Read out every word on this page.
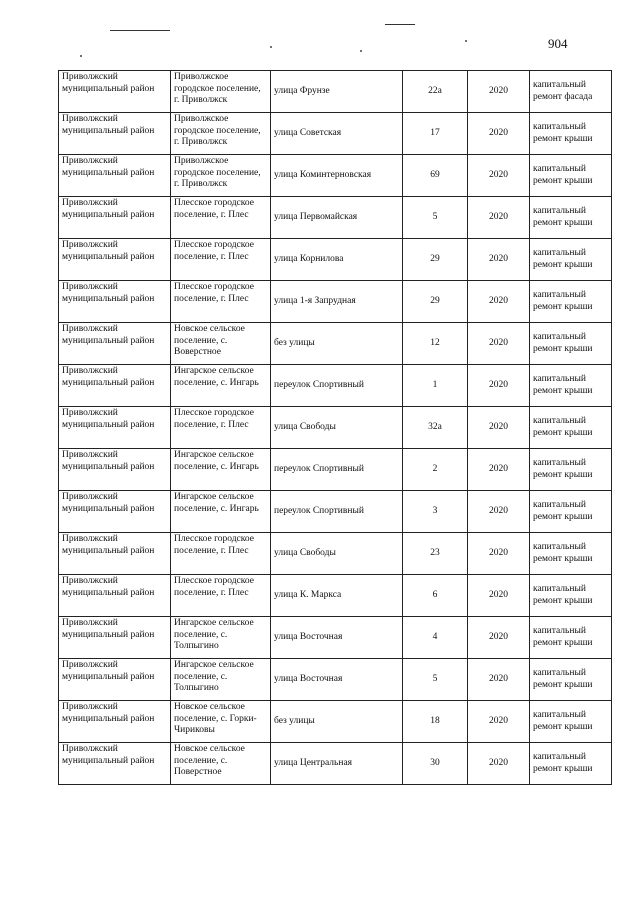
904
Приволжский муниципальный район	Приволжское городское поселение, г. Приволжск	улица Фрунзе	22а	2020	капитальный ремонт фасада
Приволжский муниципальный район	Приволжское городское поселение, г. Приволжск	улица Советская	17	2020	капитальный ремонт крыши
Приволжский муниципальный район	Приволжское городское поселение, г. Приволжск	улица Коминтерновская	69	2020	капитальный ремонт крыши
Приволжский муниципальный район	Плесское городское поселение, г. Плес	улица Первомайская	5	2020	капитальный ремонт крыши
Приволжский муниципальный район	Плесское городское поселение, г. Плес	улица Корнилова	29	2020	капитальный ремонт крыши
Приволжский муниципальный район	Плесское городское поселение, г. Плес	улица 1-я Запрудная	29	2020	капитальный ремонт крыши
Приволжский муниципальный район	Новское сельское поселение, с. Воверстное	без улицы	12	2020	капитальный ремонт крыши
Приволжский муниципальный район	Ингарское сельское поселение, с. Ингарь	переулок Спортивный	1	2020	капитальный ремонт крыши
Приволжский муниципальный район	Плесское городское поселение, г. Плес	улица Свободы	32а	2020	капитальный ремонт крыши
Приволжский муниципальный район	Ингарское сельское поселение, с. Ингарь	переулок Спортивный	2	2020	капитальный ремонт крыши
Приволжский муниципальный район	Ингарское сельское поселение, с. Ингарь	переулок Спортивный	3	2020	капитальный ремонт крыши
Приволжский муниципальный район	Плесское городское поселение, г. Плес	улица Свободы	23	2020	капитальный ремонт крыши
Приволжский муниципальный район	Плесское городское поселение, г. Плес	улица К. Маркса	6	2020	капитальный ремонт крыши
Приволжский муниципальный район	Ингарское сельское поселение, с. Толпыгино	улица Восточная	4	2020	капитальный ремонт крыши
Приволжский муниципальный район	Ингарское сельское поселение, с. Толпыгино	улица Восточная	5	2020	капитальный ремонт крыши
Приволжский муниципальный район	Новское сельское поселение, с. Горки-Чириковы	без улицы	18	2020	капитальный ремонт крыши
Приволжский муниципальный район	Новское сельское поселение, с. Поверстное	улица Центральная	30	2020	капитальный ремонт крыши
